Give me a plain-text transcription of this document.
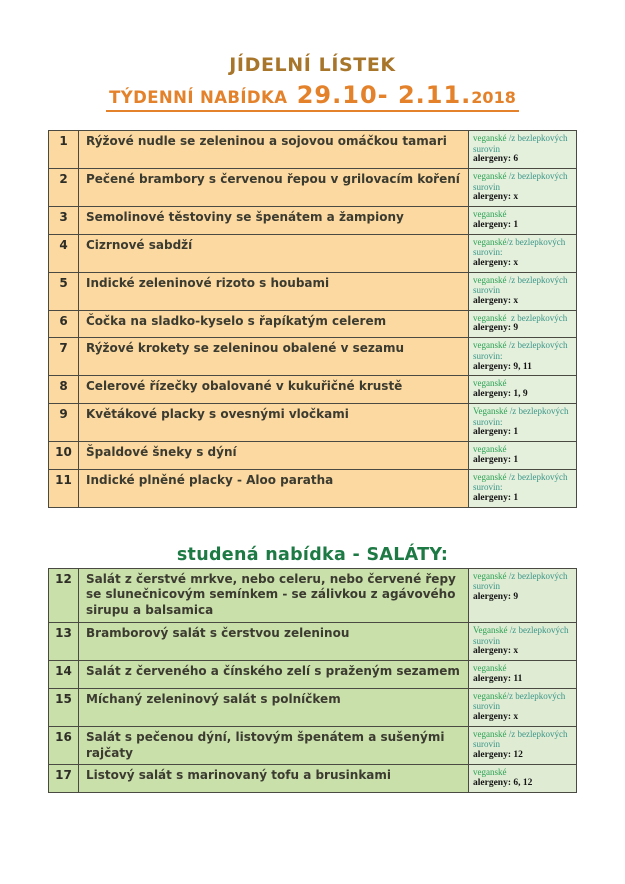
JÍDELNÍ LÍSTEK
TÝDENNÍ NABÍDKA 29.10- 2.11.2018
1	Rýžové nudle se zeleninou a sojovou omáčkou tamari	veganské /z bezlepkových surovin
alergeny: 6

2	Pečené brambory s červenou řepou v grilovacím koření	veganské /z bezlepkových surovin
alergeny: x

3	Semolinové těstoviny se špenátem a žampiony	veganské
alergeny: 1

4	Cizrnové sabdží	veganské/z bezlepkových surovin:
alergeny: x

5	Indické zeleninové rizoto s houbami	veganské /z bezlepkových surovin
alergeny: x

6	Čočka na sladko-kyselo s řapíkatým celerem	veganské  z bezlepkových
alergeny: 9

7	Rýžové krokety se zeleninou obalené v sezamu	veganské /z bezlepkových surovin:
alergeny: 9, 11

8	Celerové řízečky obalované v kukuřičné krustě	veganské
alergeny: 1, 9

9	Květákové placky s ovesnými vločkami	Veganské /z bezlepkových surovin:
alergeny: 1

10	Špaldové šneky s dýní	veganské
alergeny: 1

11	Indické plněné placky - Aloo paratha	veganské /z bezlepkových surovin:
alergeny: 1
studená nabídka - SALÁTY:
12	Salát z čerstvé mrkve, nebo celeru, nebo červené řepy se slunečnicovým semínkem - se zálivkou z agávového sirupu a balsamica	veganské /z bezlepkových surovin
alergeny: 9

13	Bramborový salát s čerstvou zeleninou	Veganské /z bezlepkových surovin
alergeny: x

14	Salát z červeného a čínského zelí s praženým sezamem	veganské
alergeny: 11

15	Míchaný zeleninový salát s polníčkem	veganské/z bezlepkových surovin
alergeny: x

16	Salát s pečenou dýní, listovým špenátem a sušenými rajčaty	veganské /z bezlepkových surovin
alergeny: 12

17	Listový salát s marinovaný tofu a brusinkami	veganské
alergeny: 6, 12
